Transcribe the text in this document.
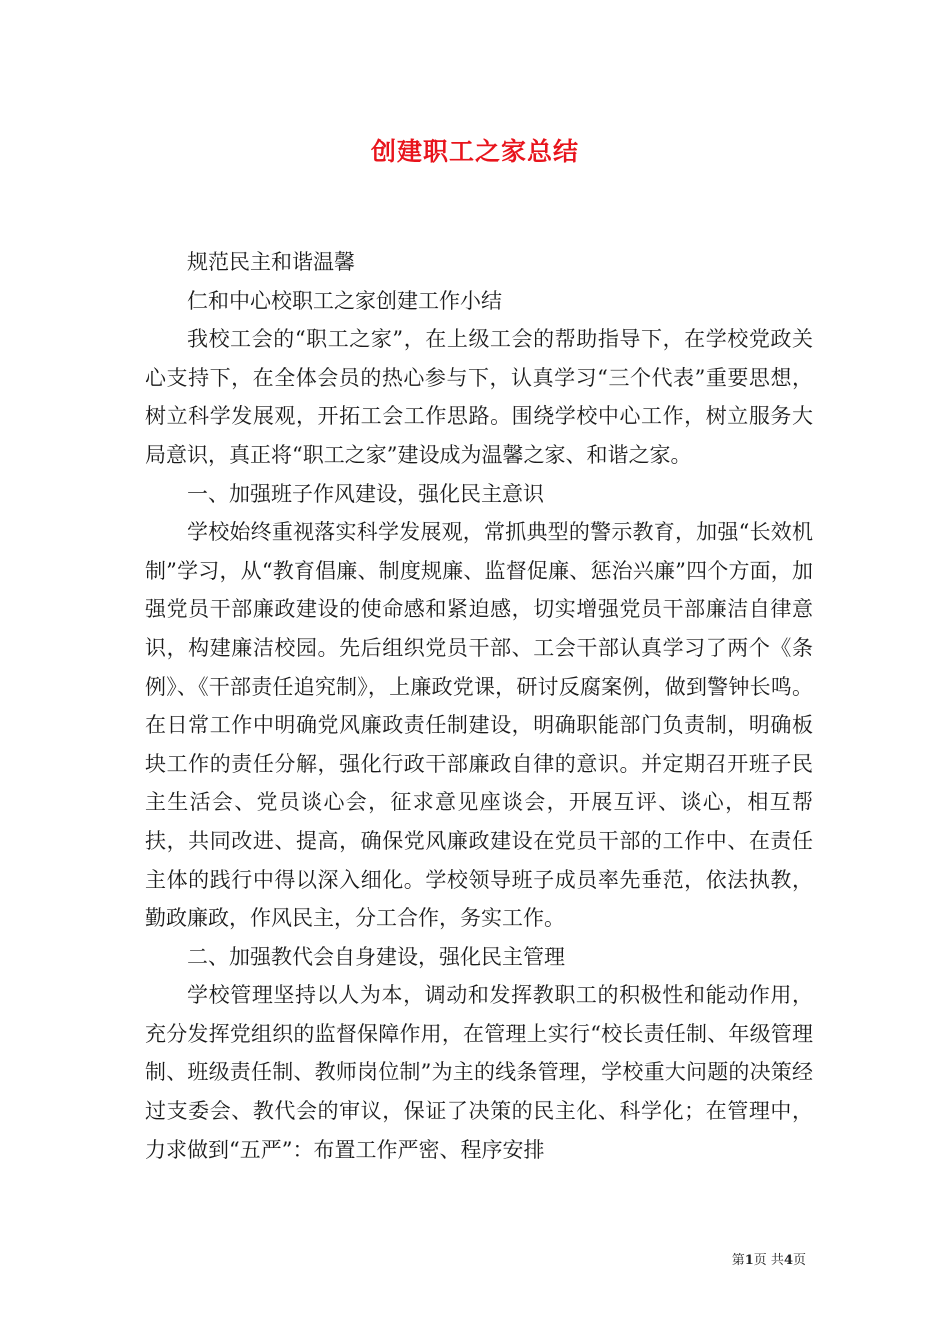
创建职工之家总结

规范民主和谐温馨

仁和中心校职工之家创建工作小结

我校工会的“职工之家”，在上级工会的帮助指导下，在学校党政关心支持下，在全体会员的热心参与下，认真学习“三个代表”重要思想，树立科学发展观，开拓工会工作思路。围绕学校中心工作，树立服务大局意识，真正将“职工之家”建设成为温馨之家、和谐之家。

一、加强班子作风建设，强化民主意识

学校始终重视落实科学发展观，常抓典型的警示教育，加强“长效机制”学习，从“教育倡廉、制度规廉、监督促廉、惩治兴廉”四个方面，加强党员干部廉政建设的使命感和紧迫感，切实增强党员干部廉洁自律意识，构建廉洁校园。先后组织党员干部、工会干部认真学习了两个《条例》、《干部责任追究制》，上廉政党课，研讨反腐案例，做到警钟长鸣。在日常工作中明确党风廉政责任制建设，明确职能部门负责制，明确板块工作的责任分解，强化行政干部廉政自律的意识。并定期召开班子民主生活会、党员谈心会，征求意见座谈会，开展互评、谈心，相互帮扶，共同改进、提高，确保党风廉政建设在党员干部的工作中、在责任主体的践行中得以深入细化。学校领导班子成员率先垂范，依法执教，勤政廉政，作风民主，分工合作，务实工作。

二、加强教代会自身建设，强化民主管理

学校管理坚持以人为本，调动和发挥教职工的积极性和能动作用，充分发挥党组织的监督保障作用，在管理上实行“校长责任制、年级管理制、班级责任制、教师岗位制”为主的线条管理，学校重大问题的决策经过支委会、教代会的审议，保证了决策的民主化、科学化；在管理中，力求做到“五严”：布置工作严密、程序安排

第1页 共4页
